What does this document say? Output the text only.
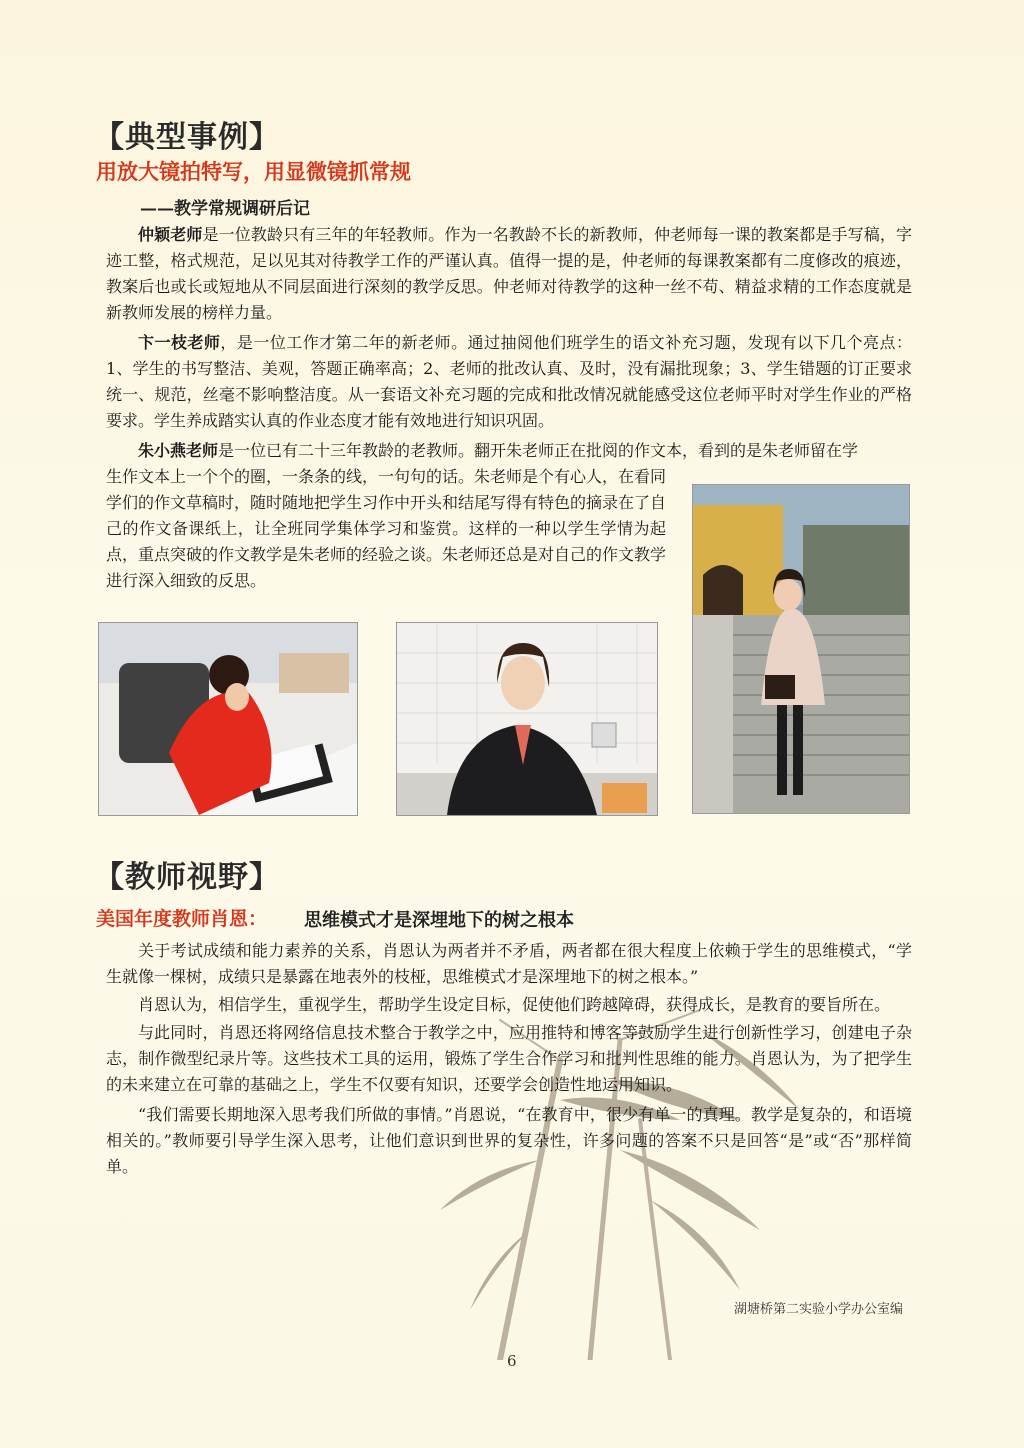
【典型事例】
用放大镜拍特写，用显微镜抓常规
——教学常规调研后记

仲颖老师是一位教龄只有三年的年轻教师。作为一名教龄不长的新教师，仲老师每一课的教案都是手写稿，字迹工整，格式规范，足以见其对待教学工作的严谨认真。值得一提的是，仲老师的每课教案都有二度修改的痕迹，教案后也或长或短地从不同层面进行深刻的教学反思。仲老师对待教学的这种一丝不苟、精益求精的工作态度就是新教师发展的榜样力量。

卞一枝老师，是一位工作才第二年的新老师。通过抽阅他们班学生的语文补充习题，发现有以下几个亮点：1、学生的书写整洁、美观，答题正确率高；2、老师的批改认真、及时，没有漏批现象；3、学生错题的订正要求统一、规范，丝毫不影响整洁度。从一套语文补充习题的完成和批改情况就能感受这位老师平时对学生作业的严格要求。学生养成踏实认真的作业态度才能有效地进行知识巩固。

朱小燕老师是一位已有二十三年教龄的老教师。翻开朱老师正在批阅的作文本，看到的是朱老师留在学

生作文本上一个个的圈，一条条的线，一句句的话。朱老师是个有心人，在看同学们的作文草稿时，随时随地把学生习作中开头和结尾写得有特色的摘录在了自己的作文备课纸上，让全班同学集体学习和鉴赏。这样的一种以学生学情为起点，重点突破的作文教学是朱老师的经验之谈。朱老师还总是对自己的作文教学进行深入细致的反思。

【教师视野】
美国年度教师肖恩： 思维模式才是深埋地下的树之根本

关于考试成绩和能力素养的关系，肖恩认为两者并不矛盾，两者都在很大程度上依赖于学生的思维模式，“学生就像一棵树，成绩只是暴露在地表外的枝桠，思维模式才是深埋地下的树之根本。”

肖恩认为，相信学生，重视学生，帮助学生设定目标，促使他们跨越障碍，获得成长，是教育的要旨所在。

与此同时，肖恩还将网络信息技术整合于教学之中，应用推特和博客等鼓励学生进行创新性学习，创建电子杂志，制作微型纪录片等。这些技术工具的运用，锻炼了学生合作学习和批判性思维的能力。肖恩认为，为了把学生的未来建立在可靠的基础之上，学生不仅要有知识，还要学会创造性地运用知识。

“我们需要长期地深入思考我们所做的事情。”肖恩说，“在教育中，很少有单一的真理。教学是复杂的，和语境相关的。”教师要引导学生深入思考，让他们意识到世界的复杂性，许多问题的答案不只是回答“是”或“否”那样简单。

湖塘桥第二实验小学办公室编
6
